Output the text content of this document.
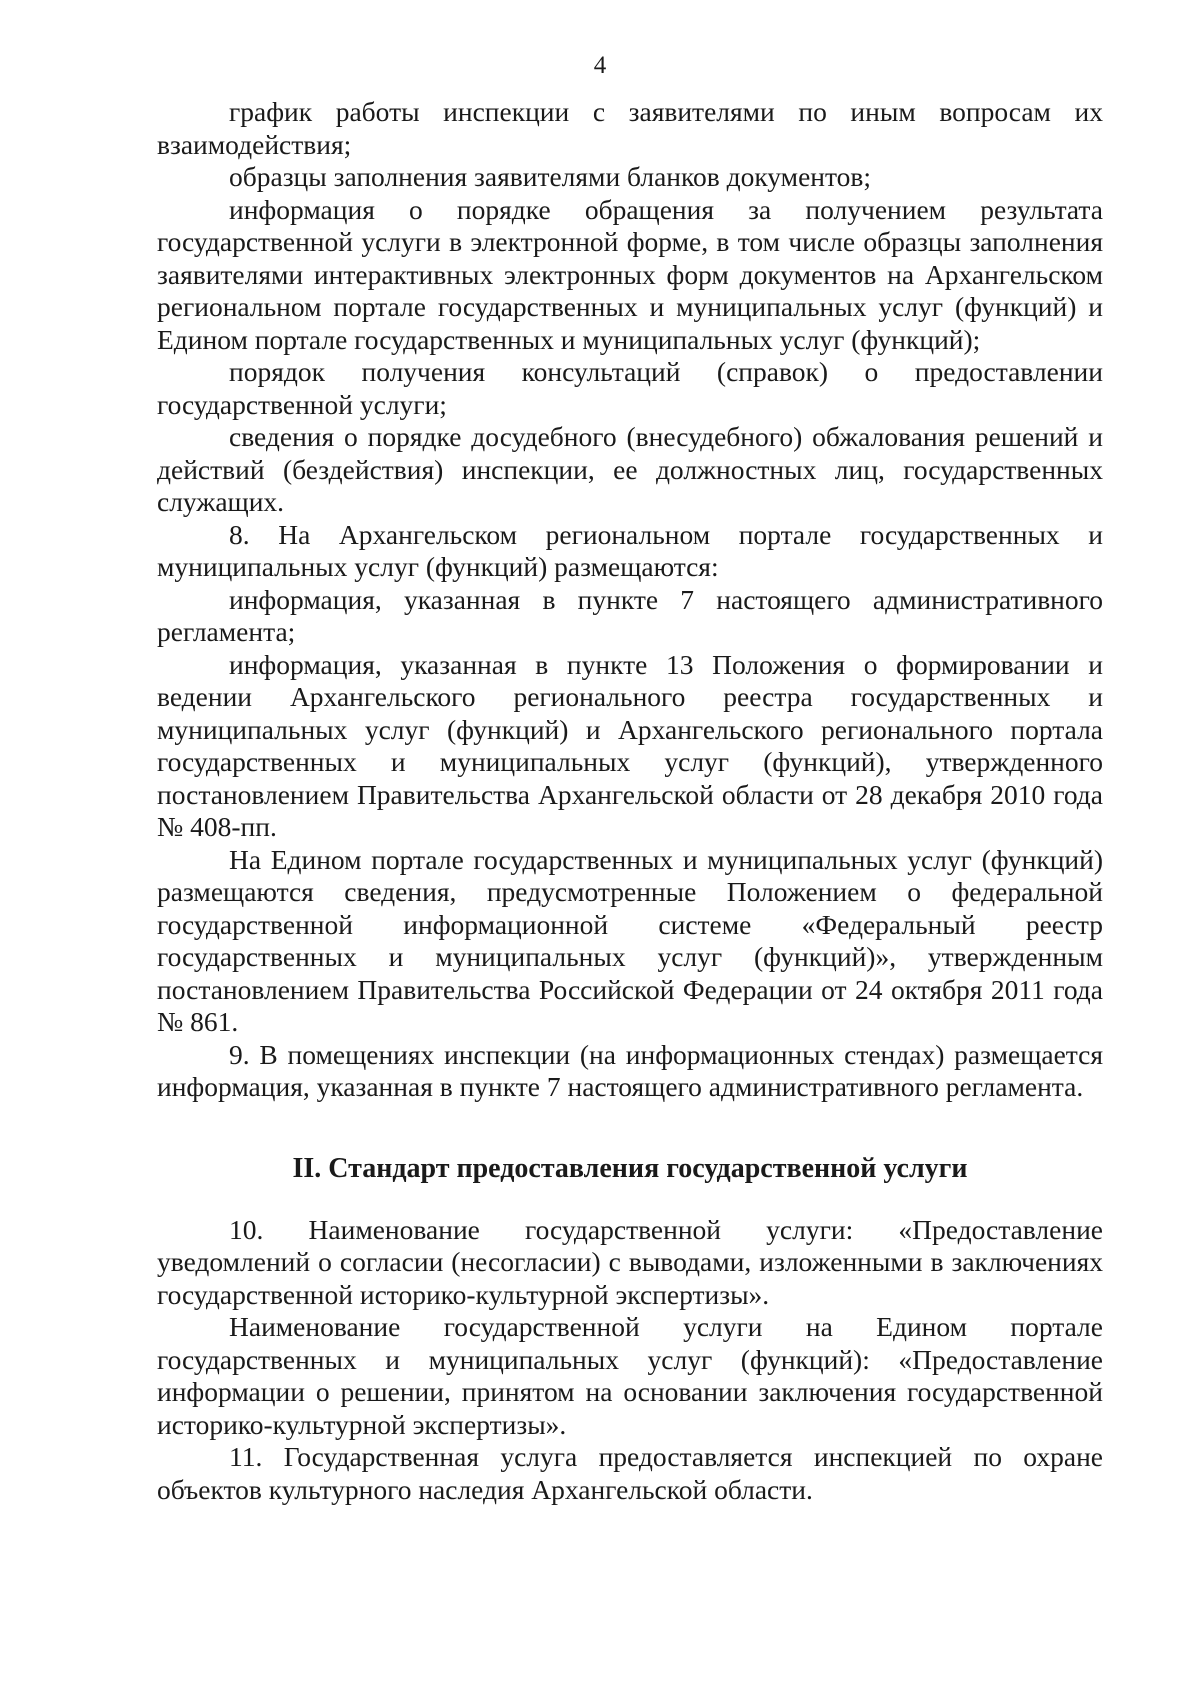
4

график работы инспекции с заявителями по иным вопросам их взаимодействия;

образцы заполнения заявителями бланков документов;

информация о порядке обращения за получением результата государственной услуги в электронной форме, в том числе образцы заполнения заявителями интерактивных электронных форм документов на Архангельском региональном портале государственных и муниципальных услуг (функций) и Едином портале государственных и муниципальных услуг (функций);

порядок получения консультаций (справок) о предоставлении государственной услуги;

сведения о порядке досудебного (внесудебного) обжалования решений и действий (бездействия) инспекции, ее должностных лиц, государственных служащих.

8. На Архангельском региональном портале государственных и муниципальных услуг (функций) размещаются:

информация, указанная в пункте 7 настоящего административного регламента;

информация, указанная в пункте 13 Положения о формировании и ведении Архангельского регионального реестра государственных и муниципальных услуг (функций) и Архангельского регионального портала государственных и муниципальных услуг (функций), утвержденного постановлением Правительства Архангельской области от 28 декабря 2010 года № 408-пп.

На Едином портале государственных и муниципальных услуг (функций) размещаются сведения, предусмотренные Положением о федеральной государственной информационной системе «Федеральный реестр государственных и муниципальных услуг (функций)», утвержденным постановлением Правительства Российской Федерации от 24 октября 2011 года № 861.

9. В помещениях инспекции (на информационных стендах) размещается информация, указанная в пункте 7 настоящего административного регламента.

II. Стандарт предоставления государственной услуги

10. Наименование государственной услуги: «Предоставление уведомлений о согласии (несогласии) с выводами, изложенными в заключениях государственной историко-культурной экспертизы».

Наименование государственной услуги на Едином портале государственных и муниципальных услуг (функций): «Предоставление информации о решении, принятом на основании заключения государственной историко-культурной экспертизы».

11. Государственная услуга предоставляется инспекцией по охране объектов культурного наследия Архангельской области.
